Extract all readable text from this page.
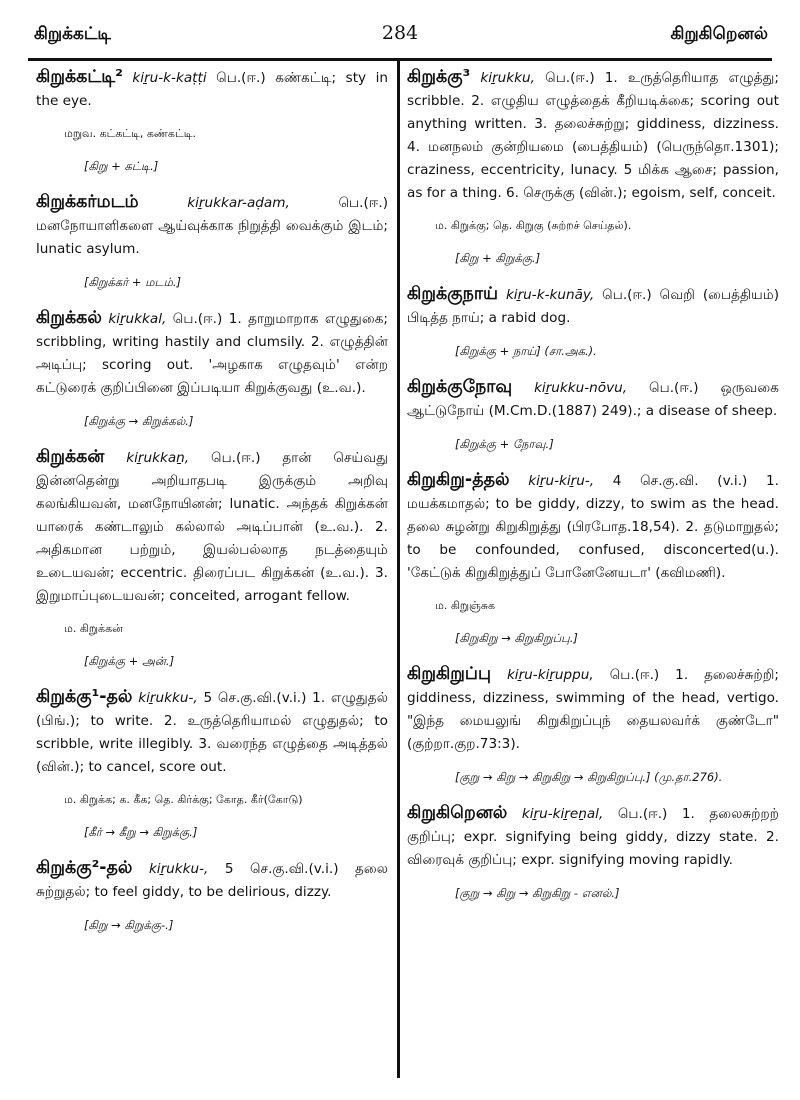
கிறுக்கட்டி	284	கிறுகிறெனல்

கிறுக்கட்டி² kiṟu-k-kaṭṭi பெ.(ஈ.) கண்கட்டி; sty in the eye.

மறுவ. கட்கட்டி, கண்கட்டி.

[கிறு + கட்டி.]

கிறுக்கர்மடம்	kiṟukkar-aḍam,	பெ.(ஈ.) மனநோயாளிகளை ஆய்வுக்காக நிறுத்தி வைக்கும் இடம்; lunatic asylum.

[கிறுக்கர் + மடம்.]

கிறுக்கல் kiṟukkal, பெ.(ஈ.) 1. தாறுமாறாக எழுதுகை; scribbling, writing hastily and clumsily. 2. எழுத்தின் அடிப்பு; scoring out. 'அழகாக எழுதவும்' என்ற கட்டுரைக் குறிப்பினை இப்படியா கிறுக்குவது (உ.வ.).

[கிறுக்கு → கிறுக்கல்.]

கிறுக்கன் kiṟukkaṉ, பெ.(ஈ.) தான் செய்வது இன்னதென்று அறியாதபடி இருக்கும் அறிவு கலங்கியவன், மனநோயினன்; lunatic. அந்தக் கிறுக்கன் யாரைக் கண்டாலும் கல்லால் அடிப்பான் (உ.வ.). 2. அதிகமான பற்றும், இயல்பல்லாத நடத்தையும் உடையவன்; eccentric. திரைப்பட கிறுக்கன் (உ.வ.). 3. இறுமாப்புடையவன்; conceited, arrogant fellow.

ம. கிறுக்கன்

[கிறுக்கு + அன்.]

கிறுக்கு¹-தல் kiṟukku-, 5 செ.கு.வி.(v.i.) 1. எழுதுதல் (பிங்.); to write. 2. உருத்தெரியாமல் எழுதுதல்; to scribble, write illegibly. 3. வரைந்த எழுத்தை அடித்தல் (வின்.); to cancel, score out.

ம. கிறுக்க; க. கீக; தெ. கிர்க்கு; கோத. கீர்(கோடு)

[கீர் → கீறு → கிறுக்கு.]

கிறுக்கு²-தல் kiṟukku-, 5 செ.கு.வி.(v.i.) தலை சுற்றுதல்; to feel giddy, to be delirious, dizzy.

[கிறு → கிறுக்கு-.]

கிறுக்கு³ kiṟukku, பெ.(ஈ.) 1. உருத்தெரியாத எழுத்து; scribble. 2. எழுதிய எழுத்தைக் கீறியடிக்கை; scoring out anything written. 3. தலைச்சுற்று; giddiness, dizziness. 4. மனநலம் குன்றியமை (பைத்தியம்) (பெருந்தொ.1301); craziness, eccentricity, lunacy. 5 மிக்க ஆசை; passion, as for a thing. 6. செருக்கு (வின்.); egoism, self, conceit.

ம. கிறுக்கு; தெ. கிறுகு (சுற்றச் செய்தல்).

[கிறு + கிறுக்கு.]

கிறுக்குநாய் kiṟu-k-kunāy, பெ.(ஈ.) வெறி (பைத்தியம்) பிடித்த நாய்; a rabid dog.

[கிறுக்கு + நாய்] (சா.அக.).

கிறுக்குநோவு kiṟukku-nōvu, பெ.(ஈ.) ஒருவகை ஆட்டுநோய் (M.Cm.D.(1887) 249).; a disease of sheep.

[கிறுக்கு + நோவு.]

கிறுகிறு-த்தல் kiṟu-kiṟu-, 4 செ.கு.வி. (v.i.) 1. மயக்கமாதல்; to be giddy, dizzy, to swim as the head. தலை சுழன்று கிறுகிறுத்து (பிரபோத.18,54). 2. தடுமாறுதல்; to be confounded, confused, disconcerted(u.). 'கேட்டுக் கிறுகிறுத்துப் போனேனேயடா' (கவிமணி).

ம. கிறுஞ்சுக

[கிறுகிறு → கிறுகிறுப்பு.]

கிறுகிறுப்பு kiṟu-kiṟuppu, பெ.(ஈ.) 1. தலைச்சுற்றி; giddiness, dizziness, swimming of the head, vertigo. "இந்த மையலுங் கிறுகிறுப்புந் தையலவர்க் குண்டோ" (குற்றா.குற.73:3).

[குறு → கிறு → கிறுகிறு → கிறுகிறுப்பு.] (மு.தா.276).

கிறுகிறெனல் kiṟu-kiṟeṉal, பெ.(ஈ.) 1. தலைசுற்றற் குறிப்பு; expr. signifying being giddy, dizzy state. 2. விரைவுக் குறிப்பு; expr. signifying moving rapidly.

[குறு → கிறு → கிறுகிறு - எனல்.]
